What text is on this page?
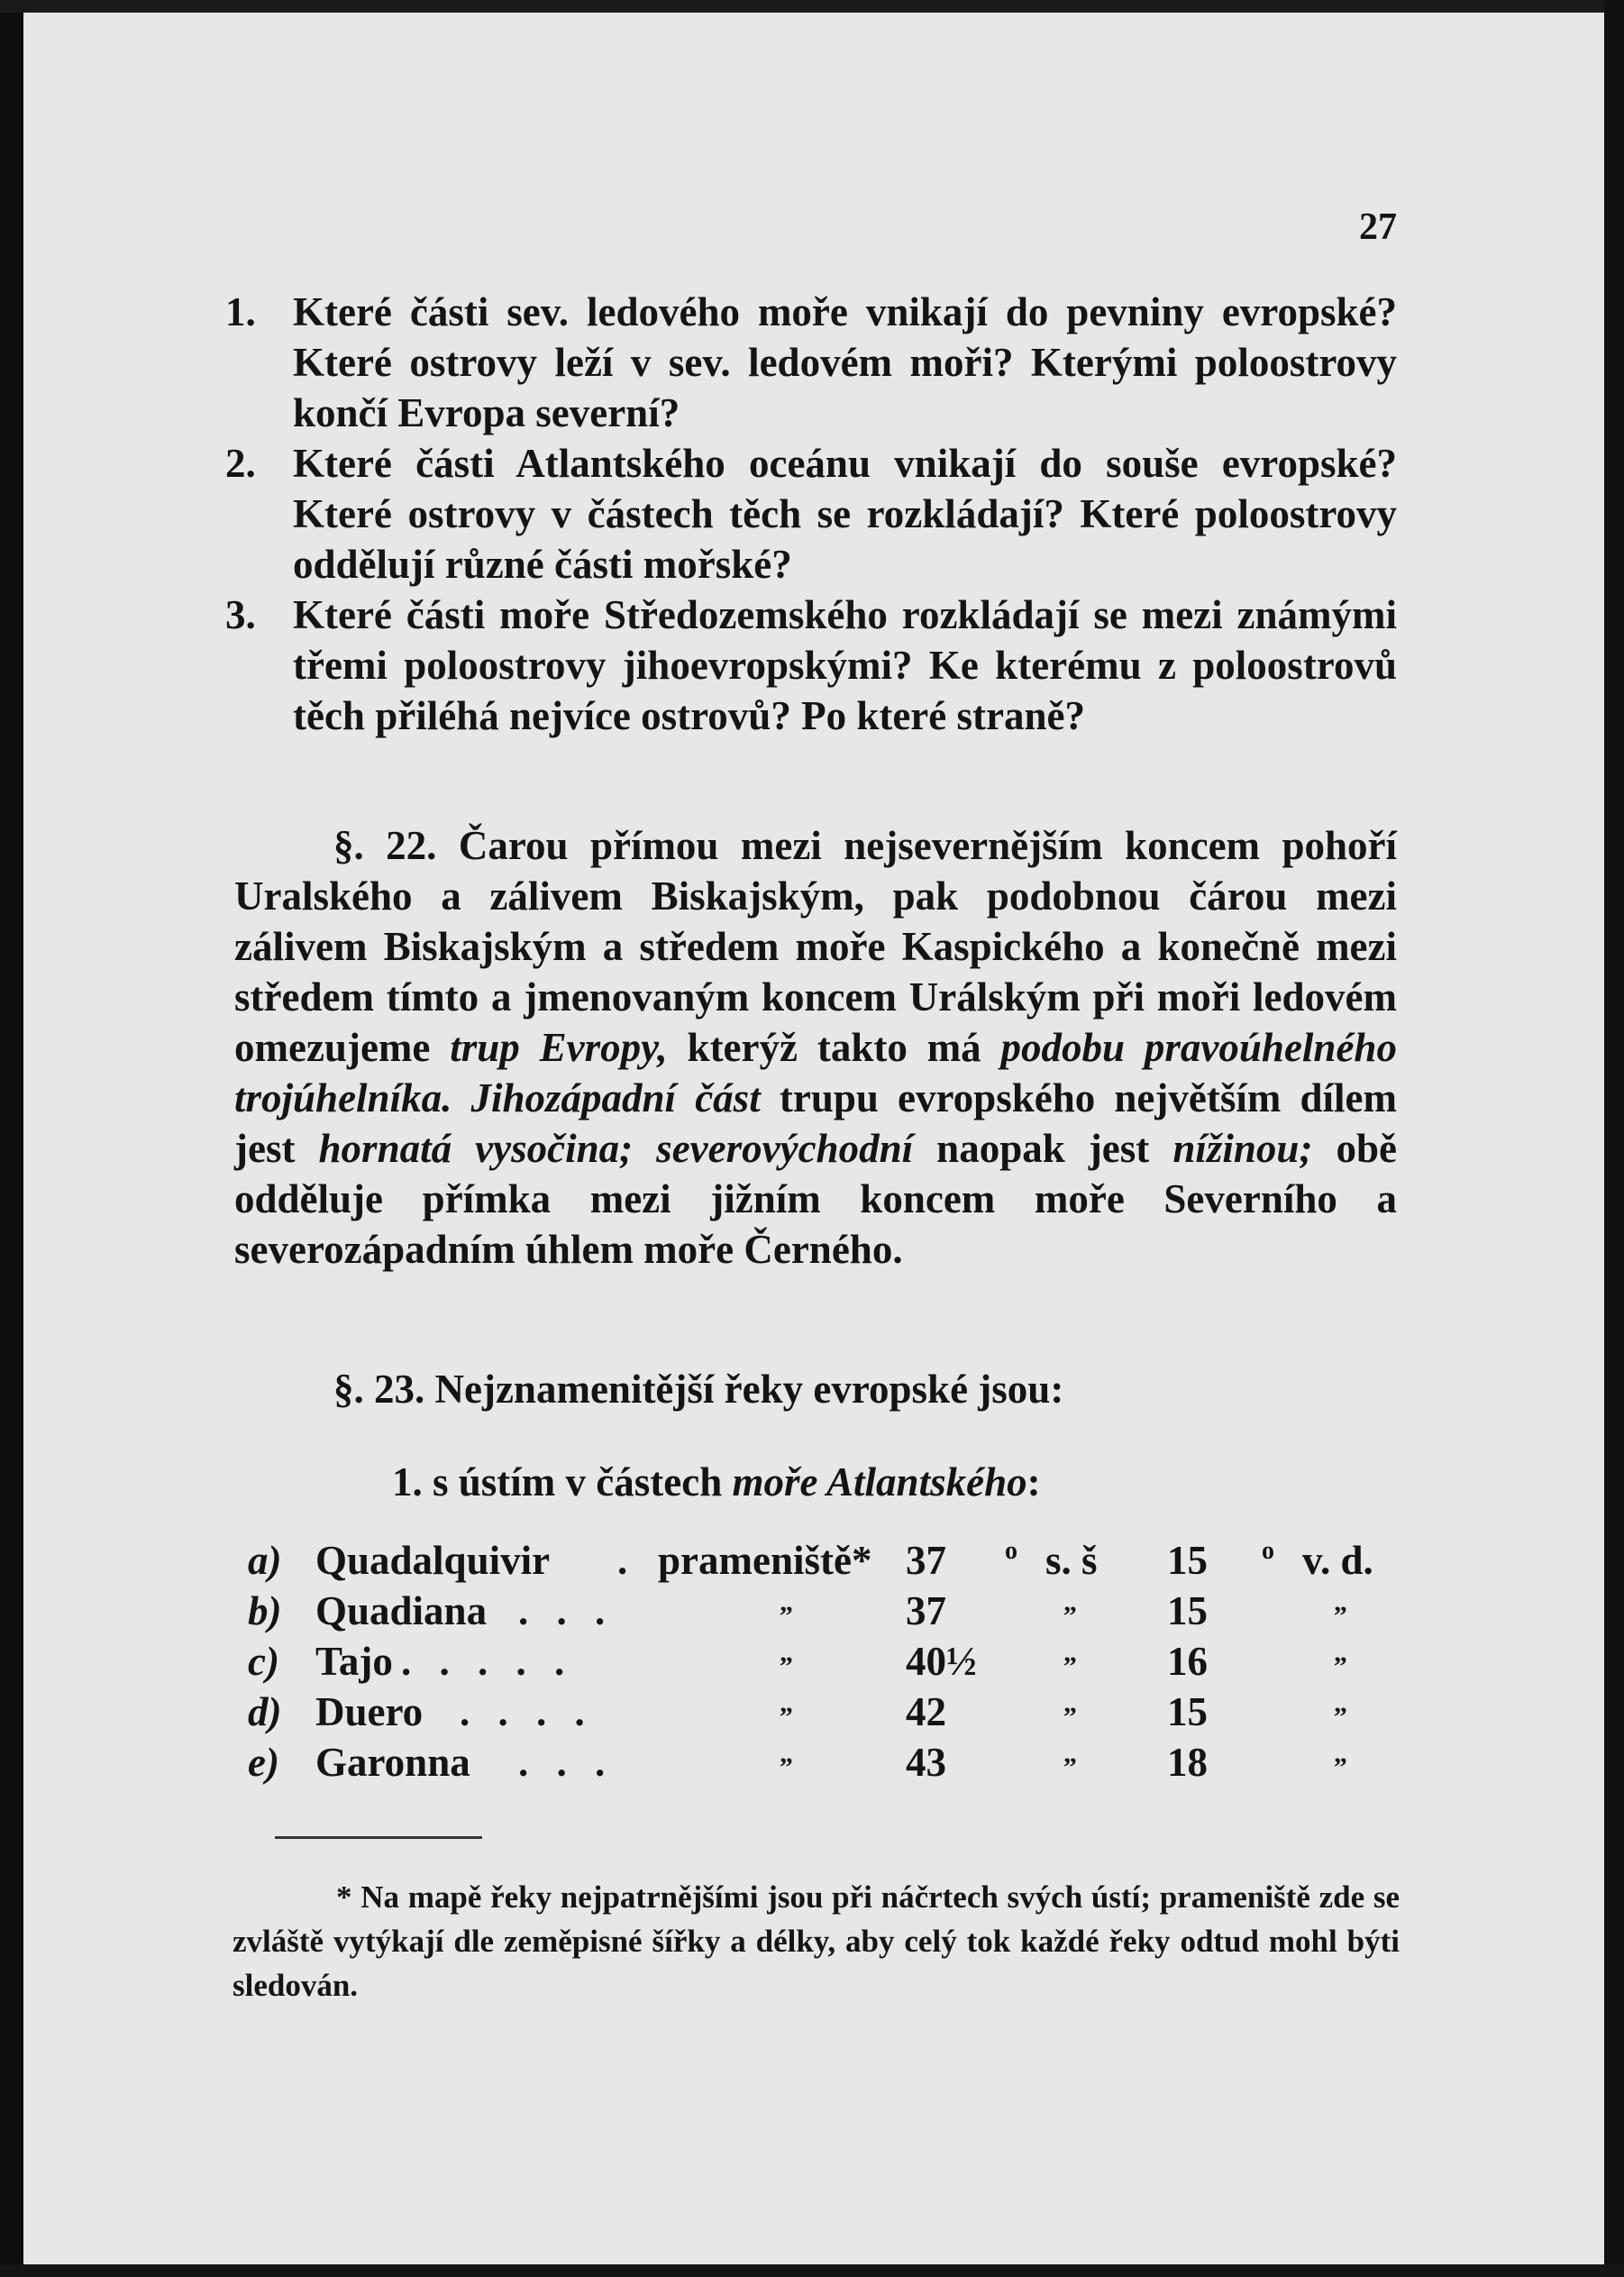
27
1. Které části sev. ledového moře vnikají do pevniny evropské? Které ostrovy leží v sev. ledovém moři? Kterými poloostrovy končí Evropa severní?
2. Které části Atlantského oceánu vnikají do souše evropské? Které ostrovy v částech těch se rozkládají? Které poloostrovy oddělují různé části mořské?
3. Které části moře Středozemského rozkládají se mezi známými třemi poloostrovy jihoevropskými? Ke kterému z poloostrovů těch přiléhá nejvíce ostrovů? Po které straně?
§. 22. Čarou přímou mezi nejsevernějším koncem pohoří Uralského a zálivem Biskajským, pak podobnou čárou mezi zálivem Biskajským a středem moře Kaspického a konečně mezi středem tímto a jmenovaným koncem Urálským při moři ledovém omezujeme trup Evropy, kterýž takto má podobu pravoúhelného trojúhelníka. Jihozápadní část trupu evropského největším dílem jest hornatá vysočina; severovýchodní naopak jest nížinou; obě odděluje přímka mezi jižním koncem moře Severního a severozápadním úhlem moře Černého.
§. 23. Nejznamenitější řeky evropské jsou:
1. s ústím v částech moře Atlantského:
a) Quadalquivir . prameniště* 37 o s. š 15 o v. d.
b) Quadiana . . .	„	37	„ 15	„
c) Tajo . . . . .	„	40½	„ 16	„
d) Duero . . . .	„	42	„ 15	„
e) Garonna . . .	„	43	„ 18	„
* Na mapě řeky nejpatrnějšími jsou při náčrtech svých ústí; prameniště zde se zvláště vytýkají dle zeměpisné šířky a délky, aby celý tok každé řeky odtud mohl býti sledován.
